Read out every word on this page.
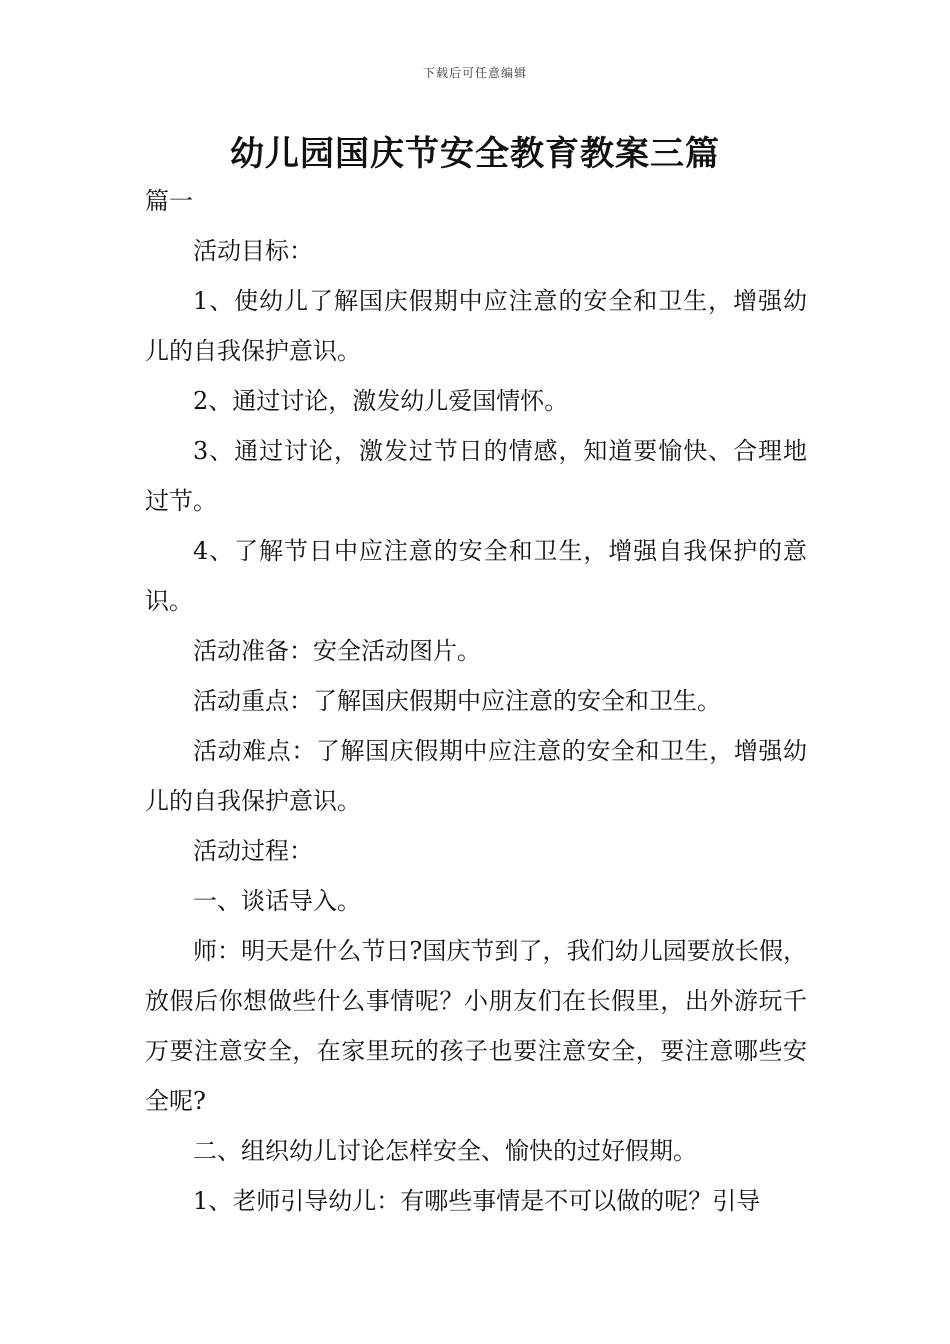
下载后可任意编辑
幼儿园国庆节安全教育教案三篇

篇一

活动目标：

1、使幼儿了解国庆假期中应注意的安全和卫生，增强幼儿的自我保护意识。

2、通过讨论，激发幼儿爱国情怀。

3、通过讨论，激发过节日的情感，知道要愉快、合理地过节。

4、了解节日中应注意的安全和卫生，增强自我保护的意识。

活动准备：安全活动图片。

活动重点：了解国庆假期中应注意的安全和卫生。

活动难点：了解国庆假期中应注意的安全和卫生，增强幼儿的自我保护意识。

活动过程：

一、谈话导入。

师：明天是什么节日?国庆节到了，我们幼儿园要放长假，放假后你想做些什么事情呢？小朋友们在长假里，出外游玩千万要注意安全，在家里玩的孩子也要注意安全，要注意哪些安全呢?

二、组织幼儿讨论怎样安全、愉快的过好假期。

1、老师引导幼儿：有哪些事情是不可以做的呢？引导
